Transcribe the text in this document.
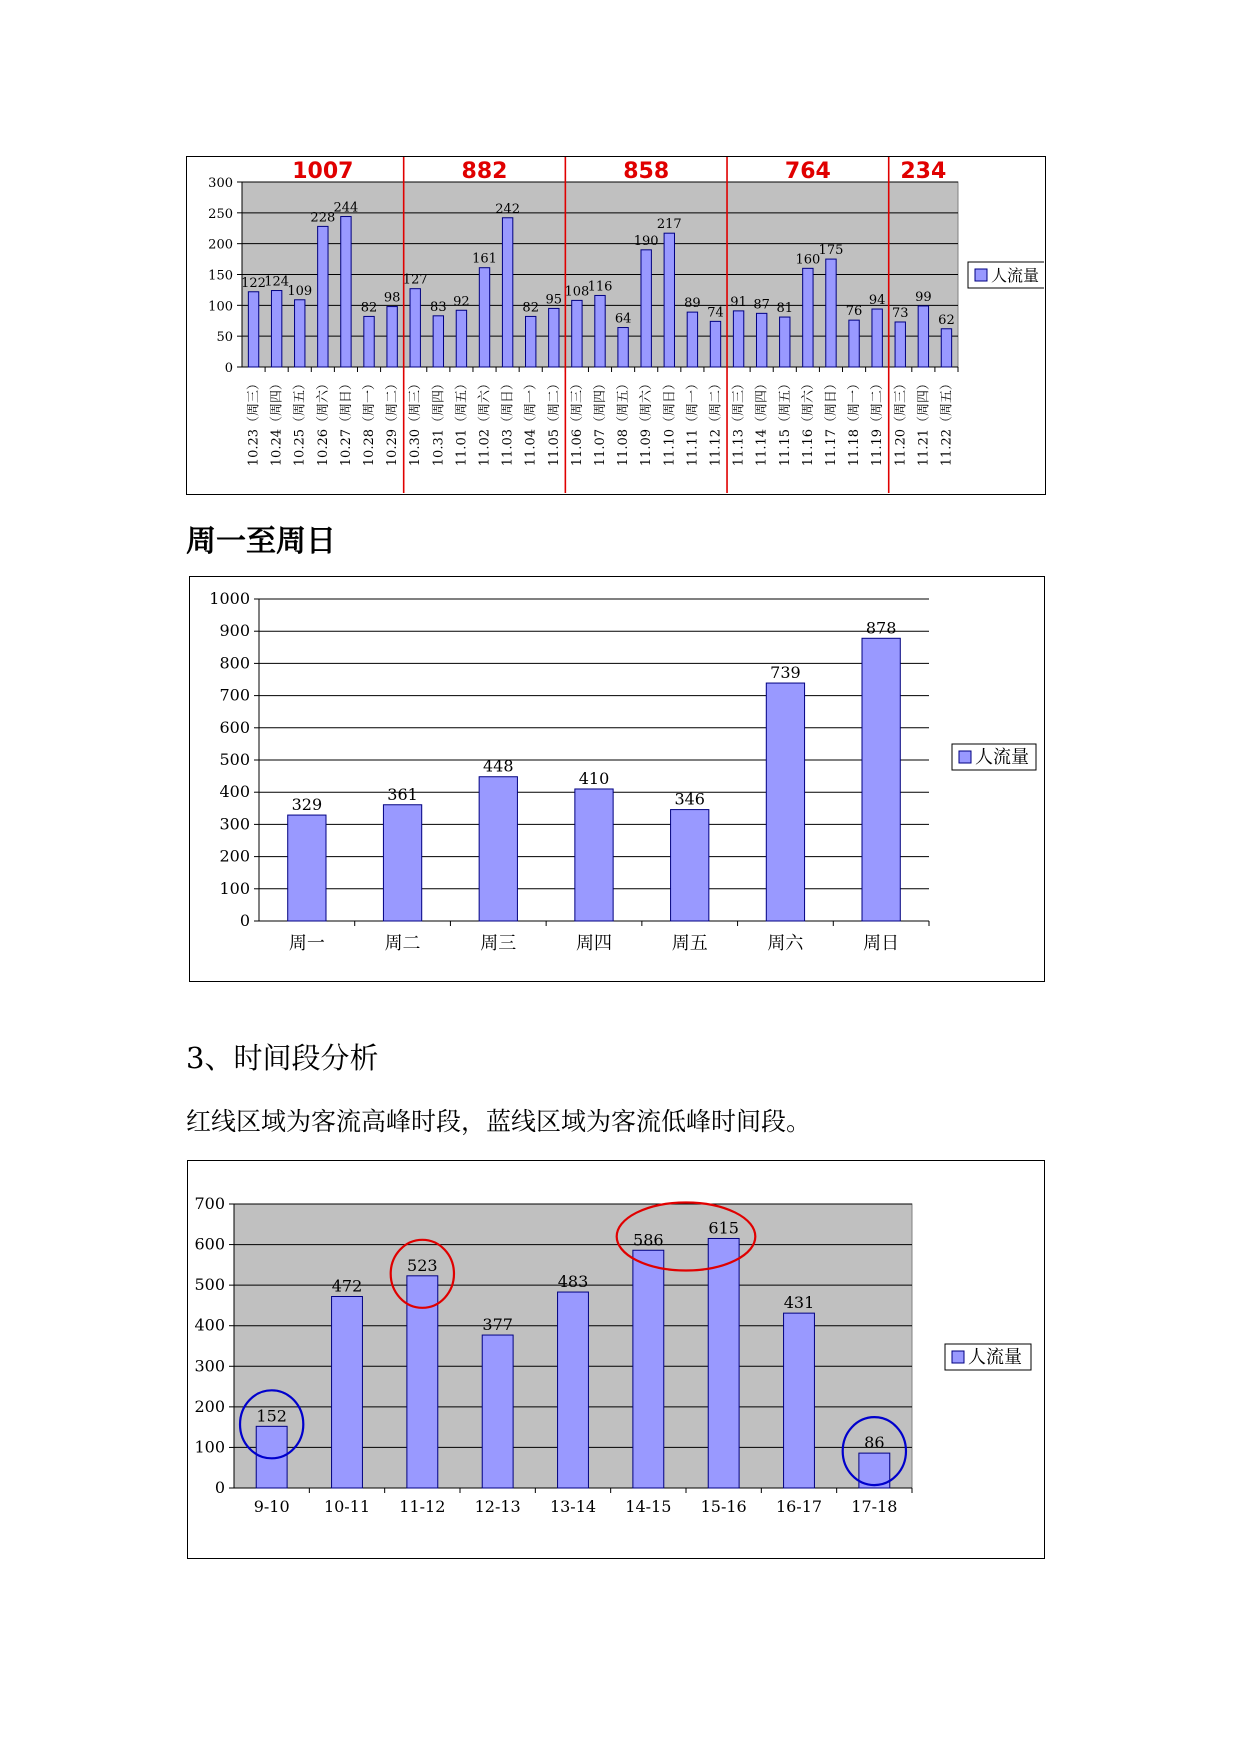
0
50
100
150
200
250
300
122
10.23（周三）
124
10.24（周四）
109
10.25（周五）
228
10.26（周六）
244
10.27（周日）
82
10.28（周一）
98
10.29（周二）
127
10.30（周三）
83
10.31（周四）
92
11.01（周五）
161
11.02（周六）
242
11.03（周日）
82
11.04（周一）
95
11.05（周二）
108
11.06（周三）
116
11.07（周四）
64
11.08（周五）
190
11.09（周六）
217
11.10（周日）
89
11.11（周一）
74
11.12（周二）
91
11.13（周三）
87
11.14（周四）
81
11.15（周五）
160
11.16（周六）
175
11.17（周日）
76
11.18（周一）
94
11.19（周二）
73
11.20（周三）
99
11.21（周四）
62
11.22（周五）
人流量
1007	882	858	764	234
周一至周日
0
100
200
300
400
500
600
700
800
900
1000
329
周一
361
周二
448
周三
410
周四
346
周五
739
周六
878
周日
人流量
3、时间段分析
红线区域为客流高峰时段，蓝线区域为客流低峰时间段。
0
100
200
300
400
500
600
700
152
9-10
472
10-11
523
11-12
377
12-13
483
13-14
586
14-15
615
15-16
431
16-17
86
17-18
人流量
